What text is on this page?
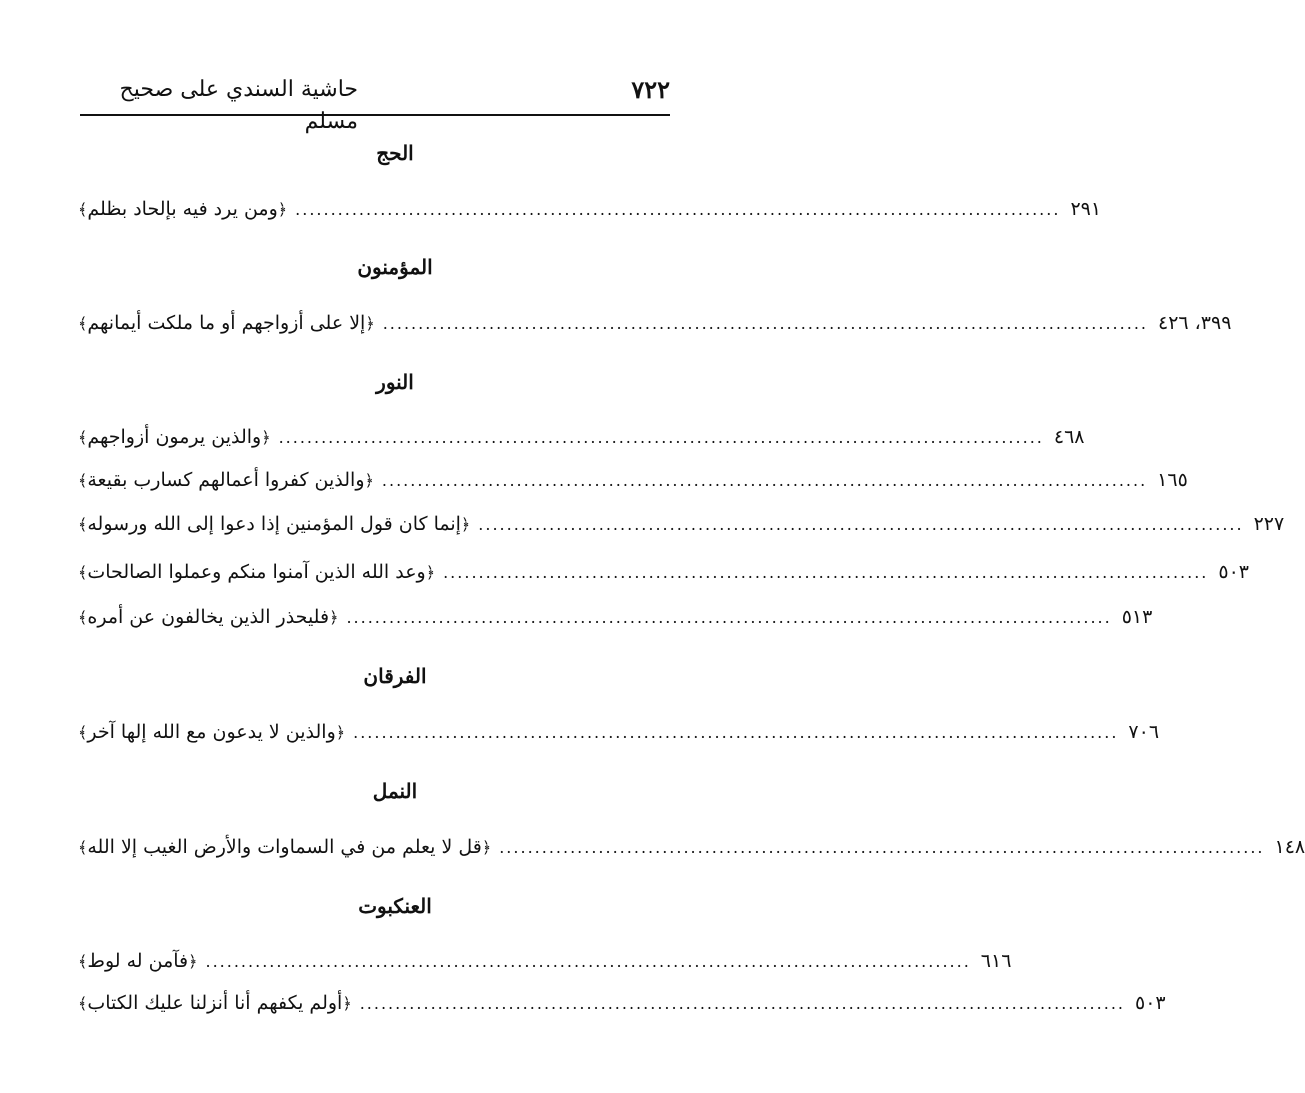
حاشية السندي على صحيح مسلم
٧٢٢
الحج
﴿ومن يرد فيه بإلحاد بظلم﴾	............................................................................................................ ٢٩١
المؤمنون
﴿إلا على أزواجهم أو ما ملكت أيمانهم﴾	............................................................................................................ ٣٩٩، ٤٢٦
النور
﴿والذين يرمون أزواجهم﴾	............................................................................................................ ٤٦٨
﴿والذين كفروا أعمالهم كسارب بقيعة﴾	............................................................................................................ ١٦٥
﴿إنما كان قول المؤمنين إذا دعوا إلى الله ورسوله﴾	............................................................................................................ ٢٢٧
﴿وعد الله الذين آمنوا منكم وعملوا الصالحات﴾	............................................................................................................ ٥٠٣
﴿فليحذر الذين يخالفون عن أمره﴾	............................................................................................................ ٥١٣
الفرقان
﴿والذين لا يدعون مع الله إلها آخر﴾	............................................................................................................ ٧٠٦
النمل
﴿قل لا يعلم من في السماوات والأرض الغيب إلا الله﴾	............................................................................................................ ١٤٨
العنكبوت
﴿فآمن له لوط﴾	............................................................................................................ ٦١٦
﴿أولم يكفهم أنا أنزلنا عليك الكتاب﴾	............................................................................................................ ٥٠٣
